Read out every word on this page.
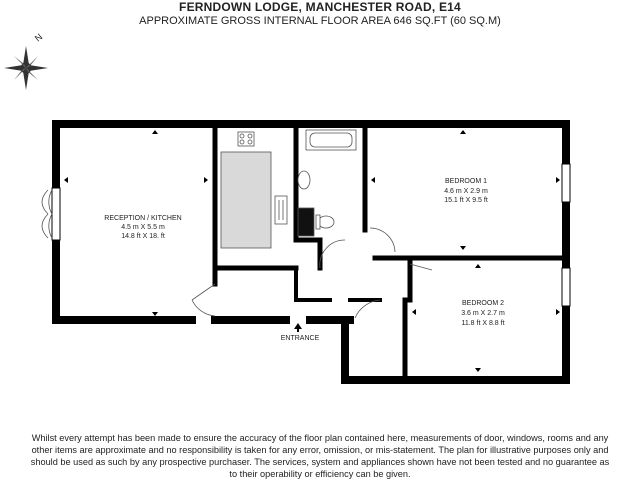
FERNDOWN LODGE, MANCHESTER ROAD, E14
APPROXIMATE GROSS INTERNAL FLOOR AREA 646 SQ.FT (60 SQ.M)
N
RECEPTION / KITCHEN
4.5 m X 5.5 m
14.8 ft X 18. ft
BEDROOM 1
4.6 m X 2.9 m
15.1 ft X 9.5 ft
BEDROOM 2
3.6 m X 2.7 m
11.8 ft X 8.8 ft
ENTRANCE
Whilst every attempt has been made to ensure the accuracy of the floor plan contained here, measurements of door, windows, rooms and any
other items are approximate and no responsibility is taken for any error, omission, or mis-statement. The plan for illustrative purposes only and
should be used as such by any prospective purchaser. The services, system and appliances shown have not been tested and no guarantee as
to their operability or efficiency can be given.
